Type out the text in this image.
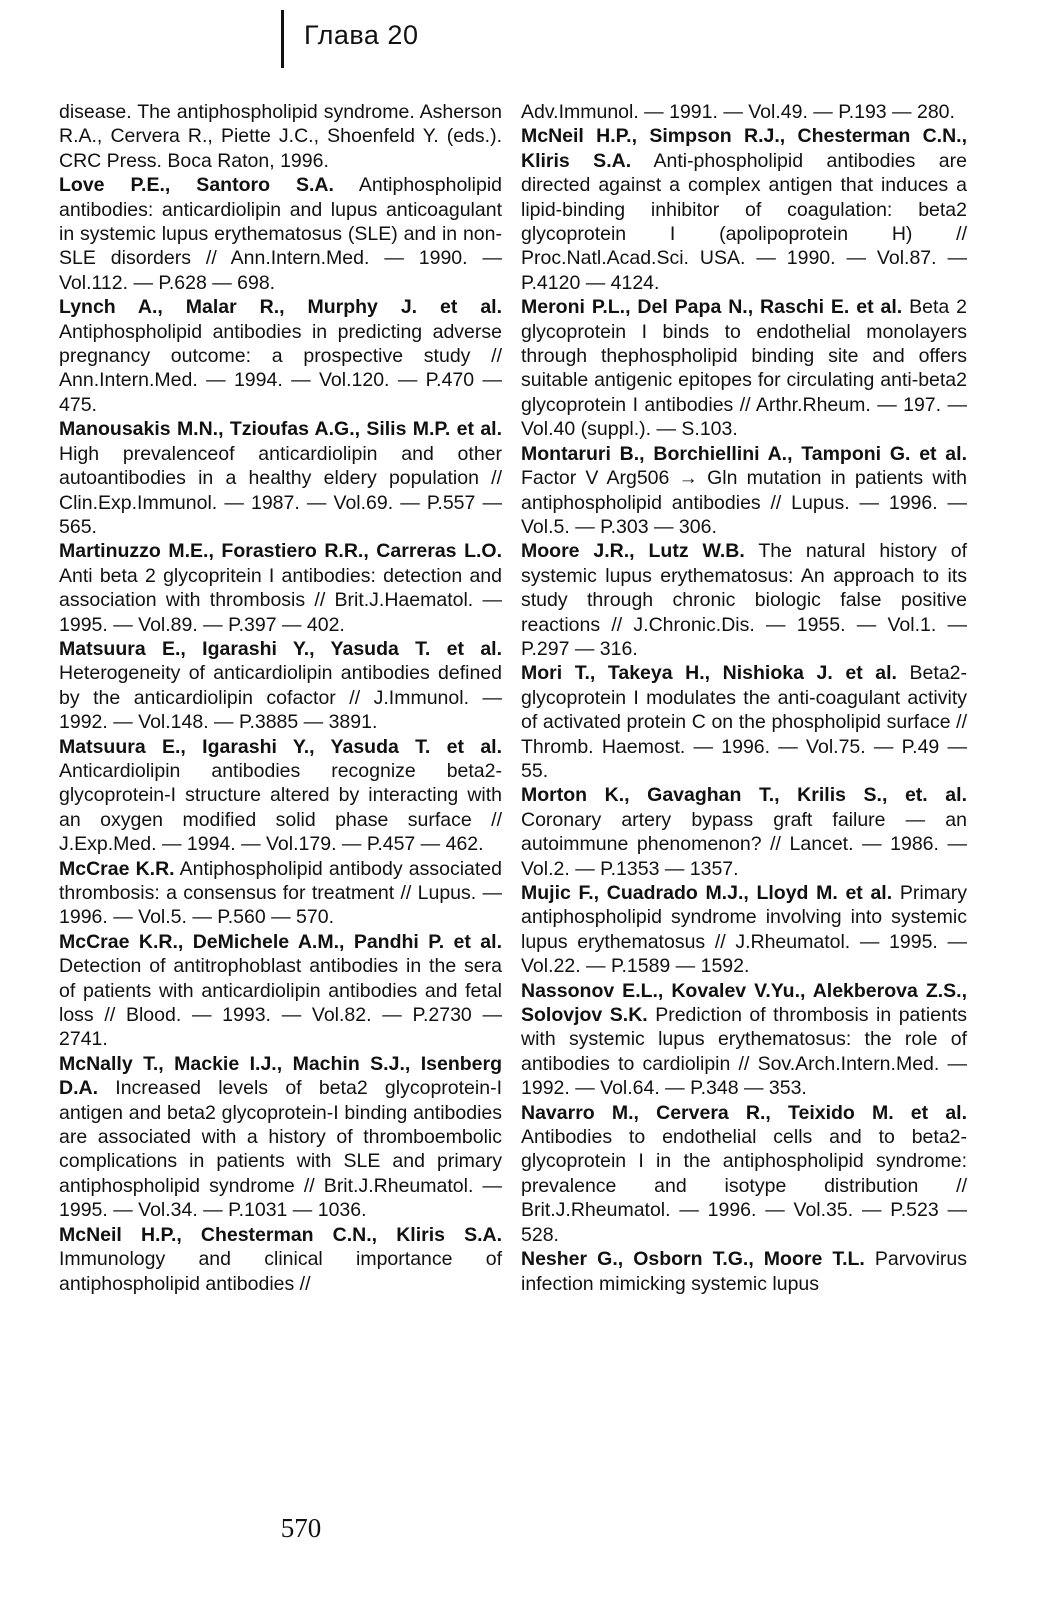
Глава 20

disease. The antiphospholipid syndrome. Asherson R.A., Cervera R., Piette J.C., Shoenfeld Y. (eds.). CRC Press. Boca Raton, 1996.

Love P.E., Santoro S.A. Antiphospholipid antibodies: anticardiolipin and lupus anticoagulant in systemic lupus erythematosus (SLE) and in non-SLE disorders // Ann.Intern.Med. — 1990. — Vol.112. — P.628 — 698.

Lynch A., Malar R., Murphy J. et al. Antiphospholipid antibodies in predicting adverse pregnancy outcome: a prospective study // Ann.Intern.Med. — 1994. — Vol.120. — P.470 — 475.

Manousakis M.N., Tzioufas A.G., Silis M.P. et al. High prevalenceof anticardiolipin and other autoantibodies in a healthy eldery population // Clin.Exp.Immunol. — 1987. — Vol.69. — P.557 — 565.

Martinuzzo M.E., Forastiero R.R., Carreras L.O. Anti beta 2 glycopritein I antibodies: detection and association with thrombosis // Brit.J.Haematol. — 1995. — Vol.89. — P.397 — 402.

Matsuura E., Igarashi Y., Yasuda T. et al. Heterogeneity of anticardiolipin antibodies defined by the anticardiolipin cofactor // J.Immunol. — 1992. — Vol.148. — P.3885 — 3891.

Matsuura E., Igarashi Y., Yasuda T. et al. Anticardiolipin antibodies recognize beta2-glycoprotein-I structure altered by interacting with an oxygen modified solid phase surface // J.Exp.Med. — 1994. — Vol.179. — P.457 — 462.

McCrae K.R. Antiphospholipid antibody associated thrombosis: a consensus for treatment // Lupus. — 1996. — Vol.5. — P.560 — 570.

McCrae K.R., DeMichele A.M., Pandhi P. et al. Detection of antitrophoblast antibodies in the sera of patients with anticardiolipin antibodies and fetal loss // Blood. — 1993. — Vol.82. — P.2730 — 2741.

McNally T., Mackie I.J., Machin S.J., Isenberg D.A. Increased levels of beta2 glycoprotein-I antigen and beta2 glycoprotein-I binding antibodies are associated with a history of thromboembolic complications in patients with SLE and primary antiphospholipid syndrome // Brit.J.Rheumatol. — 1995. — Vol.34. — P.1031 — 1036.

McNeil H.P., Chesterman C.N., Kliris S.A. Immunology and clinical importance of antiphospholipid antibodies //

Adv.Immunol. — 1991. — Vol.49. — P.193 — 280.

McNeil H.P., Simpson R.J., Chesterman C.N., Kliris S.A. Anti-phospholipid antibodies are directed against a complex antigen that induces a lipid-binding inhibitor of coagulation: beta2 glycoprotein I (apolipoprotein H) // Proc.Natl.Acad.Sci. USA. — 1990. — Vol.87. — P.4120 — 4124.

Meroni P.L., Del Papa N., Raschi E. et al. Beta 2 glycoprotein I binds to endothelial monolayers through thephospholipid binding site and offers suitable antigenic epitopes for circulating anti-beta2 glycoprotein I antibodies // Arthr.Rheum. — 197. — Vol.40 (suppl.). — S.103.

Montaruri B., Borchiellini A., Tamponi G. et al. Factor V Arg506 → Gln mutation in patients with antiphospholipid antibodies // Lupus. — 1996. — Vol.5. — P.303 — 306.

Moore J.R., Lutz W.B. The natural history of systemic lupus erythematosus: An approach to its study through chronic biologic false positive reactions // J.Chronic.Dis. — 1955. — Vol.1. — P.297 — 316.

Mori T., Takeya H., Nishioka J. et al. Beta2-glycoprotein I modulates the anti-coagulant activity of activated protein C on the phospholipid surface // Thromb. Haemost. — 1996. — Vol.75. — P.49 — 55.

Morton K., Gavaghan T., Krilis S., et. al. Coronary artery bypass graft failure — an autoimmune phenomenon? // Lancet. — 1986. — Vol.2. — P.1353 — 1357.

Mujic F., Cuadrado M.J., Lloyd M. et al. Primary antiphospholipid syndrome involving into systemic lupus erythematosus // J.Rheumatol. — 1995. — Vol.22. — P.1589 — 1592.

Nassonov E.L., Kovalev V.Yu., Alekberova Z.S., Solovjov S.K. Prediction of thrombosis in patients with systemic lupus erythematosus: the role of antibodies to cardiolipin // Sov.Arch.Intern.Med. — 1992. — Vol.64. — P.348 — 353.

Navarro M., Cervera R., Teixido M. et al. Antibodies to endothelial cells and to beta2-glycoprotein I in the antiphospholipid syndrome: prevalence and isotype distribution // Brit.J.Rheumatol. — 1996. — Vol.35. — P.523 — 528.

Nesher G., Osborn T.G., Moore T.L. Parvovirus infection mimicking systemic lupus

570
